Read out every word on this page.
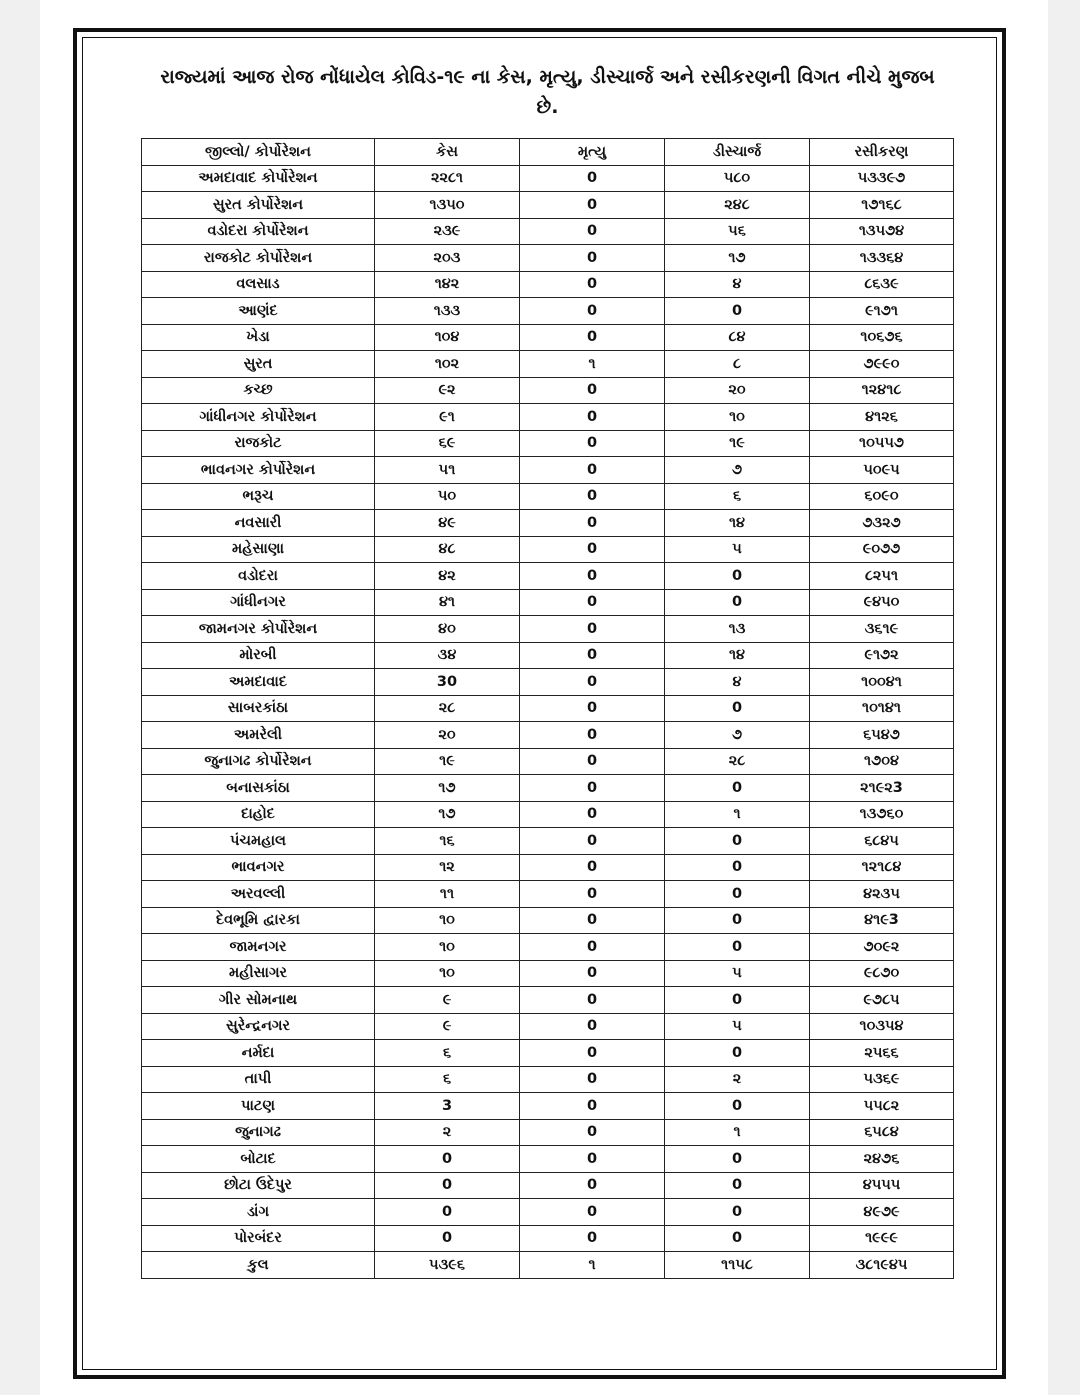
રાજ્યમાં આજ રોજ નોંધાયેલ કોવિડ-૧૯ ના કેસ, મૃત્યુ, ડીસ્ચાર્જ અને રસીકરણની વિગત નીચે મુજબ છે.
જીલ્લો/ કોર્પોરેશન	કેસ	મૃત્યુ	ડીસ્ચાર્જ	રસીકરણ
અમદાવાદ કોર્પોરેશન	૨૨૮૧	0	૫૮૦	૫૩૩૯૭
સુરત કોર્પોરેશન	૧૩૫૦	0	૨૪૮	૧૭૧૬૮
વડોદરા કોર્પોરેશન	૨૩૯	0	૫૬	૧૩૫૭૪
રાજકોટ કોર્પોરેશન	૨૦૩	0	૧૭	૧૩૩૬૪
વલસાડ	૧૪૨	0	૪	૮૬૩૯
આણંદ	૧૩૩	0	0	૯૧૭૧
ખેડા	૧૦૪	0	૮૪	૧૦૬૭૬
સુરત	૧૦૨	૧	૮	૭૯૯૦
કચ્છ	૯૨	0	૨૦	૧૨૪૧૮
ગાંધીનગર કોર્પોરેશન	૯૧	0	૧૦	૪૧૨૬
રાજકોટ	૬૯	0	૧૯	૧૦૫૫૭
ભાવનગર કોર્પોરેશન	૫૧	0	૭	૫૦૯૫
ભરૂચ	૫૦	0	૬	૬૦૯૦
નવસારી	૪૯	0	૧૪	૭૩૨૭
મહેસાણા	૪૮	0	૫	૯૦૭૭
વડોદરા	૪૨	0	0	૮૨૫૧
ગાંધીનગર	૪૧	0	0	૯૪૫૦
જામનગર કોર્પોરેશન	૪૦	0	૧૩	૩૬૧૯
મોરબી	૩૪	0	૧૪	૯૧૭૨
અમદાવાદ	30	0	૪	૧૦૦૪૧
સાબરકાંઠા	૨૮	0	0	૧૦૧૪૧
અમરેલી	૨૦	0	૭	૬૫૪૭
જુનાગઢ કોર્પોરેશન	૧૯	0	૨૮	૧૭૦૪
બનાસકાંઠા	૧૭	0	0	૨૧૯૨3
દાહોદ	૧૭	0	૧	૧૩૭૬૦
પંચમહાલ	૧૬	0	0	૬૮૪૫
ભાવનગર	૧૨	0	0	૧૨૧૮૪
અરવલ્લી	૧૧	0	0	૪૨૩૫
દેવભૂમિ દ્વારકા	૧૦	0	0	૪૧૯3
જામનગર	૧૦	0	0	૭૦૯૨
મહીસાગર	૧૦	0	૫	૯૮૭૦
ગીર સોમનાથ	૯	0	0	૯૭૮૫
સુરેન્દ્રનગર	૯	0	૫	૧૦૩૫૪
નર્મદા	૬	0	0	૨૫૬૬
તાપી	૬	0	૨	૫૩૬૯
પાટણ	3	0	0	૫૫૮૨
જુનાગઢ	૨	0	૧	૬૫૮૪
બોટાદ	0	0	0	૨૪૭૬
છોટા ઉદેપુર	0	0	0	૪૫૫૫
ડાંગ	0	0	0	૪૯૭૯
પોરબંદર	0	0	0	૧૯૯૯
કુલ	૫૩૯૬	૧	૧૧૫૮	૩૮૧૯૪૫
